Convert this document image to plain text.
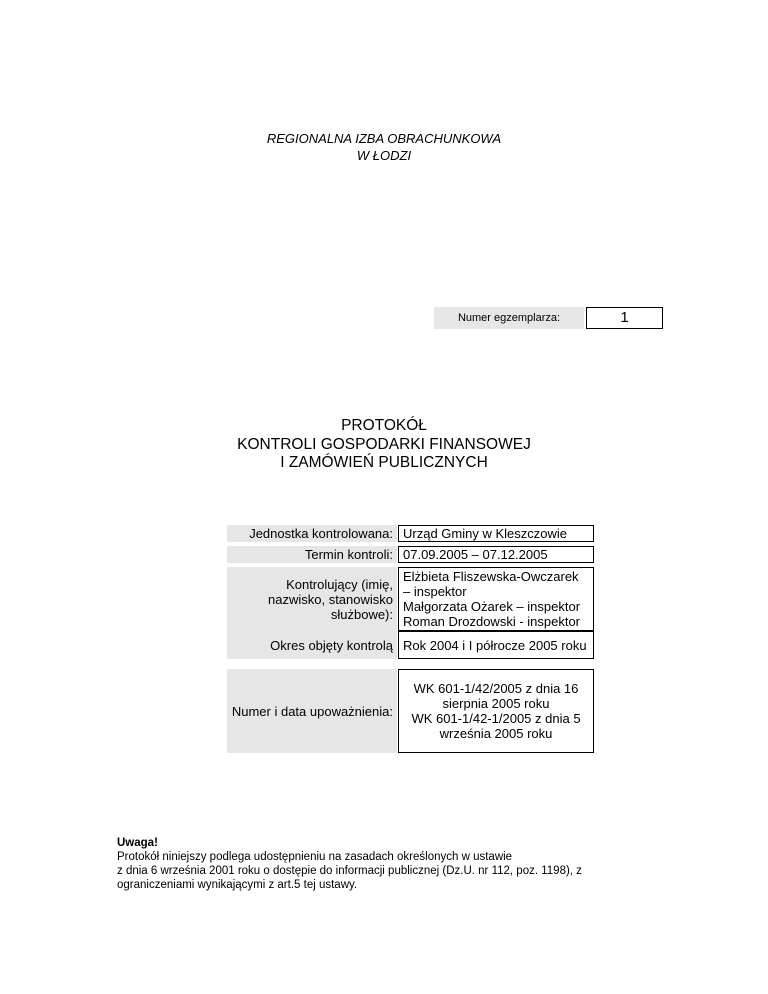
REGIONALNA IZBA OBRACHUNKOWA
W ŁODZI
Numer egzemplarza:	1
PROTOKÓŁ
KONTROLI GOSPODARKI FINANSOWEJ
I ZAMÓWIEŃ PUBLICZNYCH
Jednostka kontrolowana: Urząd Gminy w Kleszczowie
Termin kontroli: 07.09.2005 – 07.12.2005
Kontrolujący (imię,
nazwisko, stanowisko
służbowe):
Elżbieta Fliszewska-Owczarek
– inspektor
Małgorzata Ożarek – inspektor
Roman Drozdowski - inspektor
Okres objęty kontrolą Rok 2004 i I półrocze 2005 roku
Numer i data upoważnienia:
WK 601-1/42/2005 z dnia 16
sierpnia 2005 roku
WK 601-1/42-1/2005 z dnia 5
września 2005 roku
Uwaga!
Protokół niniejszy podlega udostępnieniu na zasadach określonych w ustawie
z dnia 6 września 2001 roku o dostępie do informacji publicznej (Dz.U. nr 112, poz. 1198), z
ograniczeniami wynikającymi z art.5 tej ustawy.
